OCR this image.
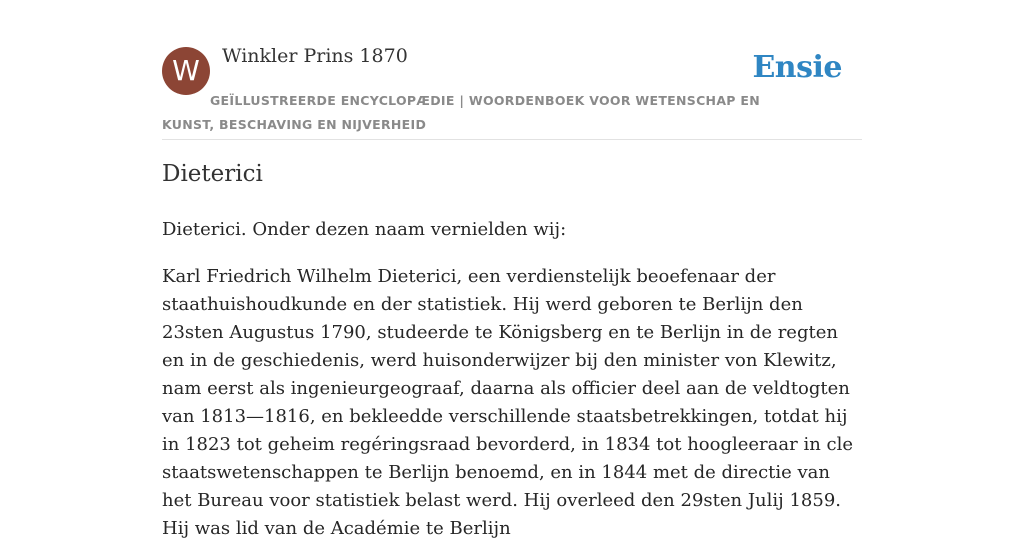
W	Winkler Prins 1870	Ensie
GEÏLLUSTREERDE ENCYCLOPÆDIE | WOORDENBOEK VOOR WETENSCHAP EN KUNST, BESCHAVING EN NIJVERHEID
Dieterici

Dieterici. Onder dezen naam vernielden wij:

Karl Friedrich Wilhelm Dieterici, een verdienstelijk beoefenaar der staathuishoudkunde en der statistiek. Hij werd geboren te Berlijn den 23sten Augustus 1790, studeerde te Königsberg en te Berlijn in de regten en in de geschiedenis, werd huisonderwijzer bij den minister von Klewitz, nam eerst als ingenieurgeograaf, daarna als officier deel aan de veldtogten van 1813—1816, en bekleedde verschillende staatsbetrekkingen, totdat hij in 1823 tot geheim regéringsraad bevorderd, in 1834 tot hoogleeraar in cle staatswetenschappen te Berlijn benoemd, en in 1844 met de directie van het Bureau voor statistiek belast werd. Hij overleed den 29sten Julij 1859. Hij was lid van de Académie te Berlijn
